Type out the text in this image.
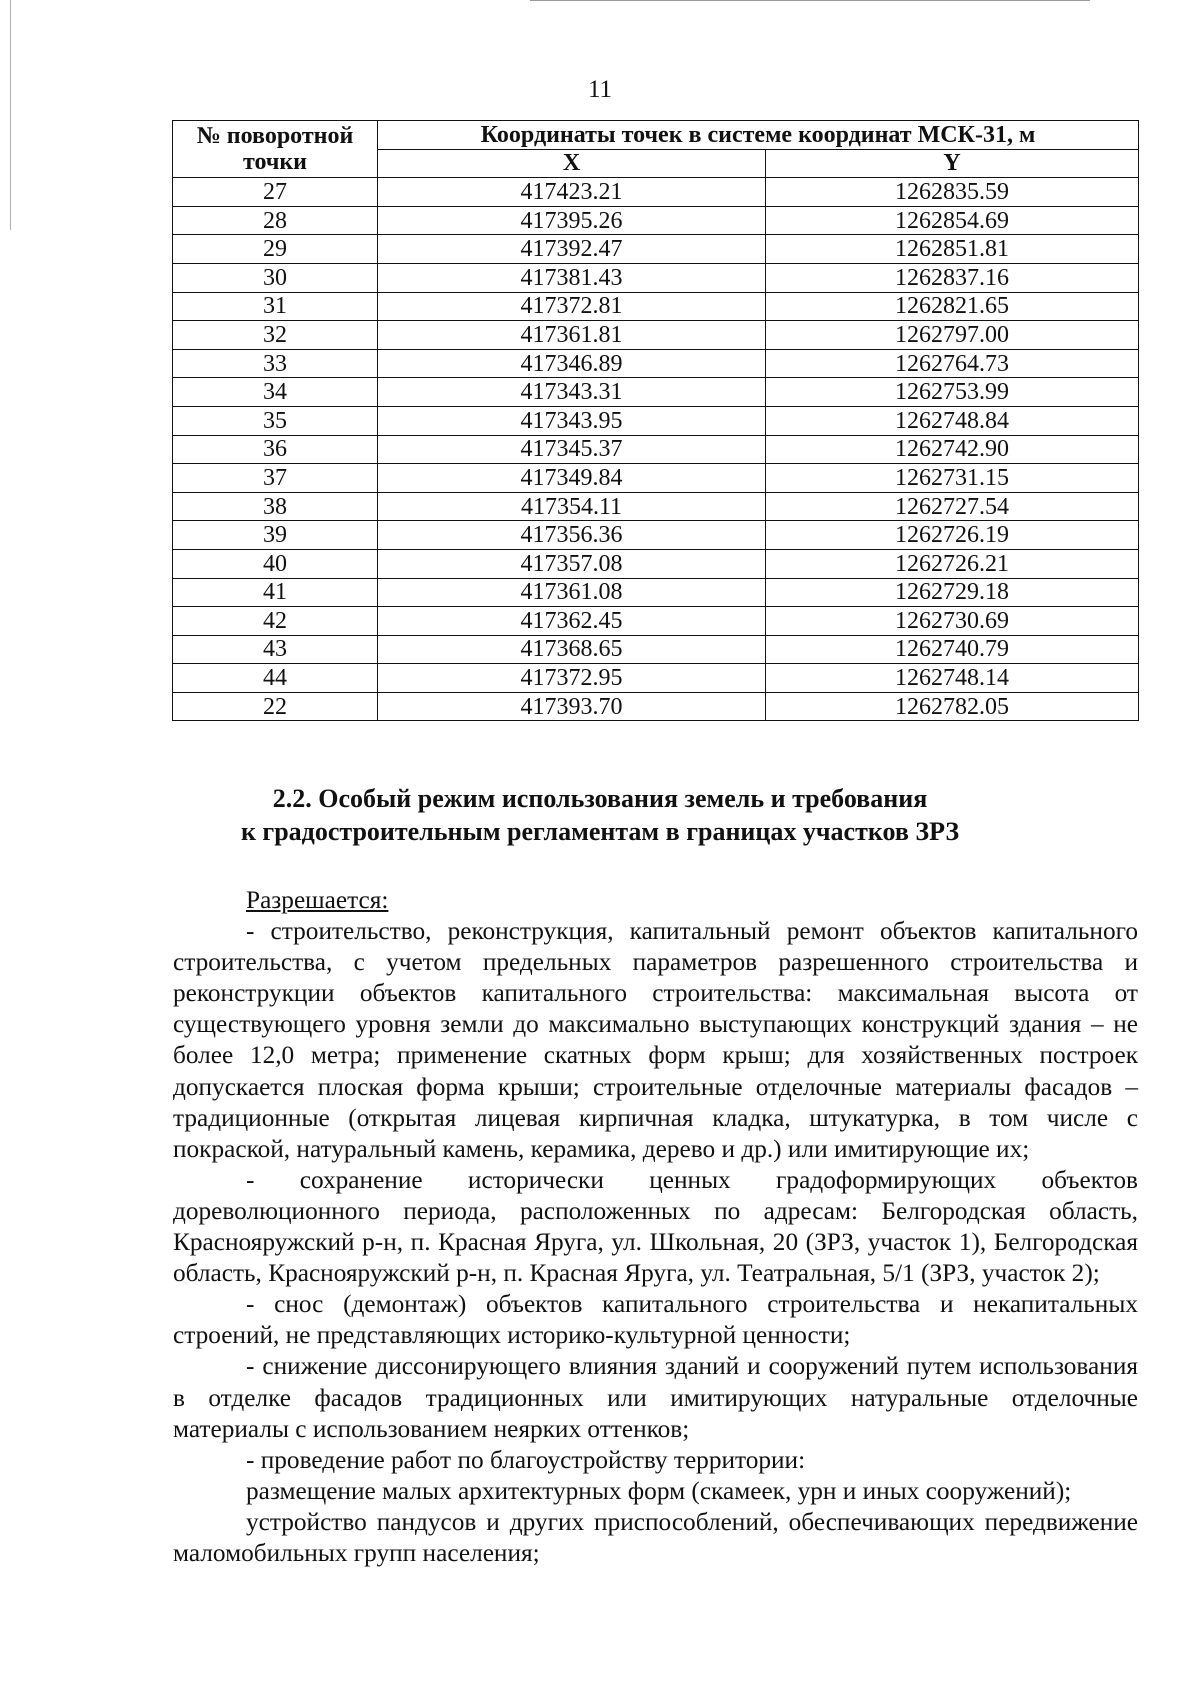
11
№ поворотной
точки	Координаты точек в системе координат МСК-31, м	
	X	Y
27	417423.21	1262835.59
28	417395.26	1262854.69
29	417392.47	1262851.81
30	417381.43	1262837.16
31	417372.81	1262821.65
32	417361.81	1262797.00
33	417346.89	1262764.73
34	417343.31	1262753.99
35	417343.95	1262748.84
36	417345.37	1262742.90
37	417349.84	1262731.15
38	417354.11	1262727.54
39	417356.36	1262726.19
40	417357.08	1262726.21
41	417361.08	1262729.18
42	417362.45	1262730.69
43	417368.65	1262740.79
44	417372.95	1262748.14
22	417393.70	1262782.05
2.2. Особый режим использования земель и требования
к градостроительным регламентам в границах участков ЗРЗ

Разрешается:

- строительство, реконструкция, капитальный ремонт объектов капитального строительства, с учетом предельных параметров разрешенного строительства и реконструкции объектов капитального строительства: максимальная высота от существующего уровня земли до максимально выступающих конструкций здания – не более 12,0 метра; применение скатных форм крыш; для хозяйственных построек допускается плоская форма крыши; строительные отделочные материалы фасадов – традиционные (открытая лицевая кирпичная кладка, штукатурка, в том числе с покраской, натуральный камень, керамика, дерево и др.) или имитирующие их;

- сохранение исторически ценных градоформирующих объектов дореволюционного периода, расположенных по адресам: Белгородская область, Краснояружский р-н, п. Красная Яруга, ул. Школьная, 20 (ЗРЗ, участок 1), Белгородская область, Краснояружский р-н, п. Красная Яруга, ул. Театральная, 5/1 (ЗРЗ, участок 2);

- снос (демонтаж) объектов капитального строительства и некапитальных строений, не представляющих историко-культурной ценности;

- снижение диссонирующего влияния зданий и сооружений путем использования в отделке фасадов традиционных или имитирующих натуральные отделочные материалы с использованием неярких оттенков;

- проведение работ по благоустройству территории:

размещение малых архитектурных форм (скамеек, урн и иных сооружений);

устройство пандусов и других приспособлений, обеспечивающих передвижение маломобильных групп населения;
